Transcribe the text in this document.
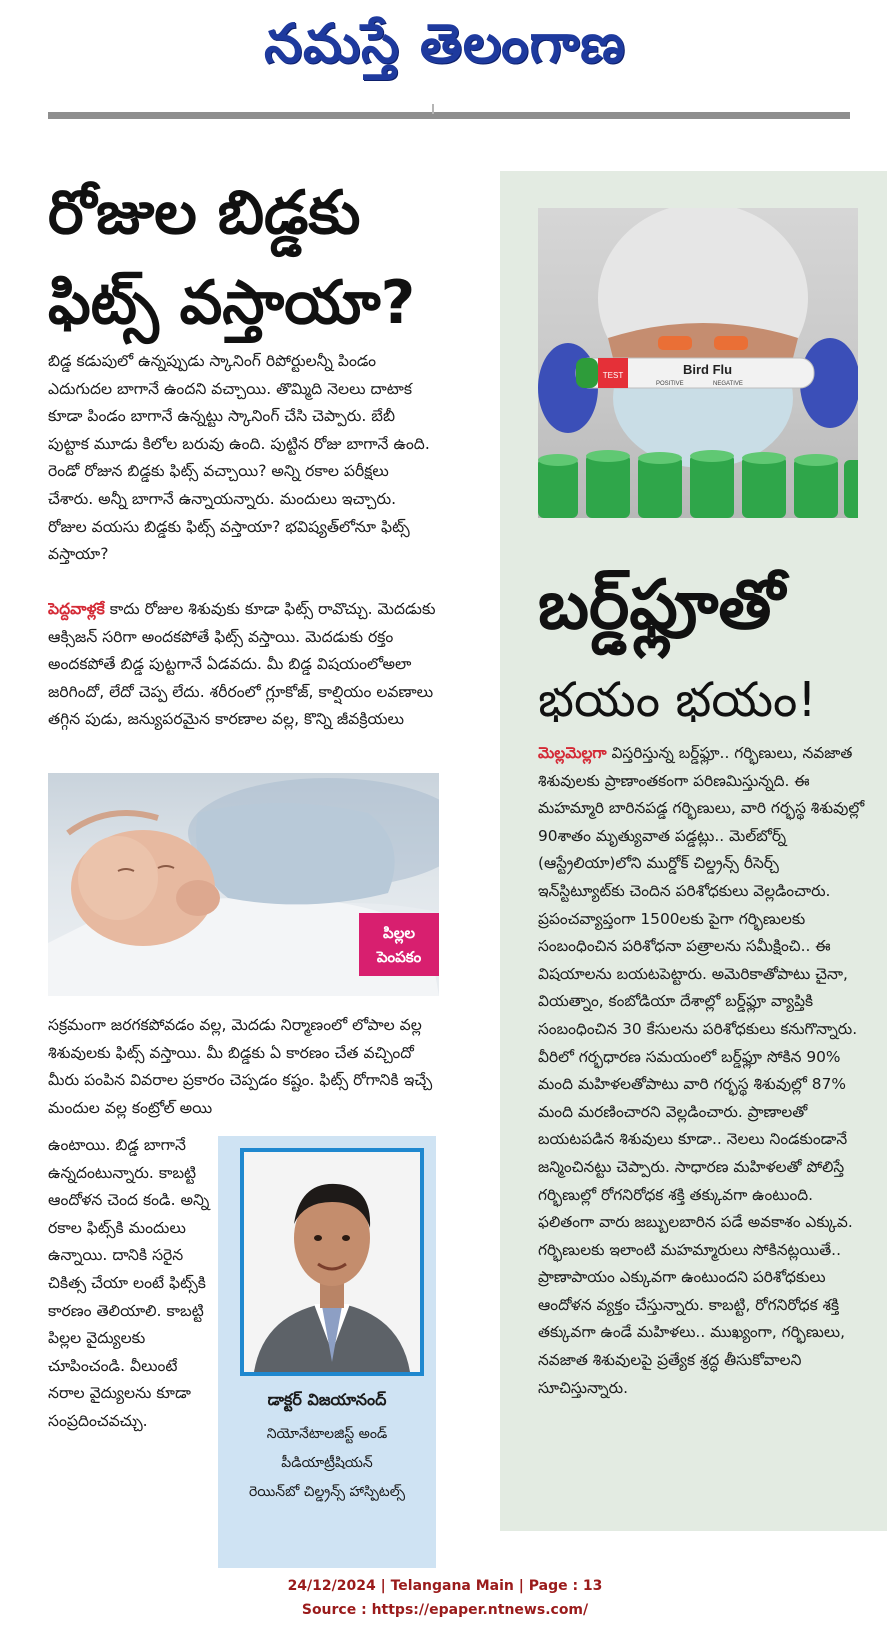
నమస్తే తెలంగాణ
రోజుల బిడ్డకు
ఫిట్స్ వస్తాయా?

బిడ్డ కడుపులో ఉన్నప్పుడు స్కానింగ్ రిపోర్టులన్నీ పిండం ఎదుగుదల బాగానే ఉందని వచ్చాయి. తొమ్మిది నెలలు దాటాక కూడా పిండం బాగానే ఉన్నట్టు స్కానింగ్ చేసి చెప్పారు. బేబీ పుట్టాక మూడు కిలోల బరువు ఉంది. పుట్టిన రోజు బాగానే ఉంది. రెండో రోజున బిడ్డకు ఫిట్స్ వచ్చాయి? అన్ని రకాల పరీక్షలు చేశారు. అన్నీ బాగానే ఉన్నాయన్నారు. మందులు ఇచ్చారు. రోజుల వయసు బిడ్డకు ఫిట్స్ వస్తాయా? భవిష్యత్‌లోనూ ఫిట్స్ వస్తాయా?

పెద్దవాళ్లకే కాదు రోజుల శిశువుకు కూడా ఫిట్స్ రావొచ్చు. మెదడుకు ఆక్సిజన్ సరిగా అందకపోతే ఫిట్స్ వస్తాయి. మెదడుకు రక్తం అందకపోతే బిడ్డ పుట్టగానే ఏడవదు. మీ బిడ్డ విషయంలోఅలా జరిగిందో, లేదో చెప్ప లేదు. శరీరంలో గ్లూకోజ్, కాల్షియం లవణాలు తగ్గిన పుడు, జన్యుపరమైన కారణాల వల్ల, కొన్ని జీవక్రియలు

పిల్లల
పెంపకం

సక్రమంగా జరగకపోవడం వల్ల, మెదడు నిర్మాణంలో లోపాల వల్ల శిశువులకు ఫిట్స్ వస్తాయి. మీ బిడ్డకు ఏ కారణం చేత వచ్చిందో మీరు పంపిన వివరాల ప్రకారం చెప్పడం కష్టం. ఫిట్స్ రోగానికి ఇచ్చే మందుల వల్ల కంట్రోల్ అయి

ఉంటాయి. బిడ్డ బాగానే ఉన్నదంటున్నారు. కాబట్టి ఆందోళన చెంద కండి. అన్ని రకాల ఫిట్స్‌కి మందులు ఉన్నాయి. దానికి సరైన చికిత్స చేయా లంటే ఫిట్స్‌కి కారణం తెలియాలి. కాబట్టి పిల్లల వైద్యులకు చూపించండి. వీలుంటే నరాల వైద్యులను కూడా సంప్రదించవచ్చు.

డాక్టర్ విజయానంద్
నియోనేటాలజిస్ట్ అండ్
పీడియాట్రీషియన్
రెయిన్‌బో చిల్డ్రన్స్ హాస్పిటల్స్
TEST	Bird Flu
POSITIVE	NEGATIVE
బర్డ్‌ఫ్లూతో
భయం భయం!

మెల్లమెల్లగా విస్తరిస్తున్న బర్డ్‌ఫ్లూ.. గర్భిణులు, నవజాత శిశువులకు ప్రాణాంతకంగా పరిణమిస్తున్నది. ఈ మహమ్మారి బారినపడ్డ గర్భిణులు, వారి గర్భస్థ శిశువుల్లో 90శాతం మృత్యువాత పడ్డట్లు.. మెల్‌బోర్న్ (ఆస్ట్రేలియా)లోని ముర్డోక్ చిల్డ్రన్స్ రీసెర్చ్ ఇన్‌స్టిట్యూట్‌కు చెందిన పరిశోధకులు వెల్లడించారు.

ప్రపంచవ్యాప్తంగా 1500లకు పైగా గర్భిణులకు సంబంధించిన పరిశోధనా పత్రాలను సమీక్షించి.. ఈ విషయాలను బయటపెట్టారు. అమెరికాతోపాటు చైనా, వియత్నాం, కంబోడియా దేశాల్లో బర్డ్‌ఫ్లూ వ్యాప్తికి సంబంధించిన 30 కేసులను పరిశోధకులు కనుగొన్నారు. వీరిలో గర్భధారణ సమయంలో బర్డ్‌ఫ్లూ సోకిన 90% మంది మహిళలతోపాటు వారి గర్భస్థ శిశువుల్లో 87% మంది మరణించారని వెల్లడించారు. ప్రాణాలతో బయటపడిన శిశువులు కూడా.. నెలలు నిండకుండానే జన్మించినట్టు చెప్పారు. సాధారణ మహిళలతో పోలిస్తే గర్భిణుల్లో రోగనిరోధక శక్తి తక్కువగా ఉంటుంది. ఫలితంగా వారు జబ్బులబారిన పడే అవకాశం ఎక్కువ. గర్భిణులకు ఇలాంటి మహమ్మారులు సోకినట్లయితే.. ప్రాణాపాయం ఎక్కువగా ఉంటుందని పరిశోధకులు ఆందోళన వ్యక్తం చేస్తున్నారు. కాబట్టి, రోగనిరోధక శక్తి తక్కువగా ఉండే మహిళలు.. ముఖ్యంగా, గర్భిణులు, నవజాత శిశువులపై ప్రత్యేక శ్రద్ధ తీసుకోవాలని సూచిస్తున్నారు.

24/12/2024 | Telangana Main | Page : 13
Source : https://epaper.ntnews.com/
